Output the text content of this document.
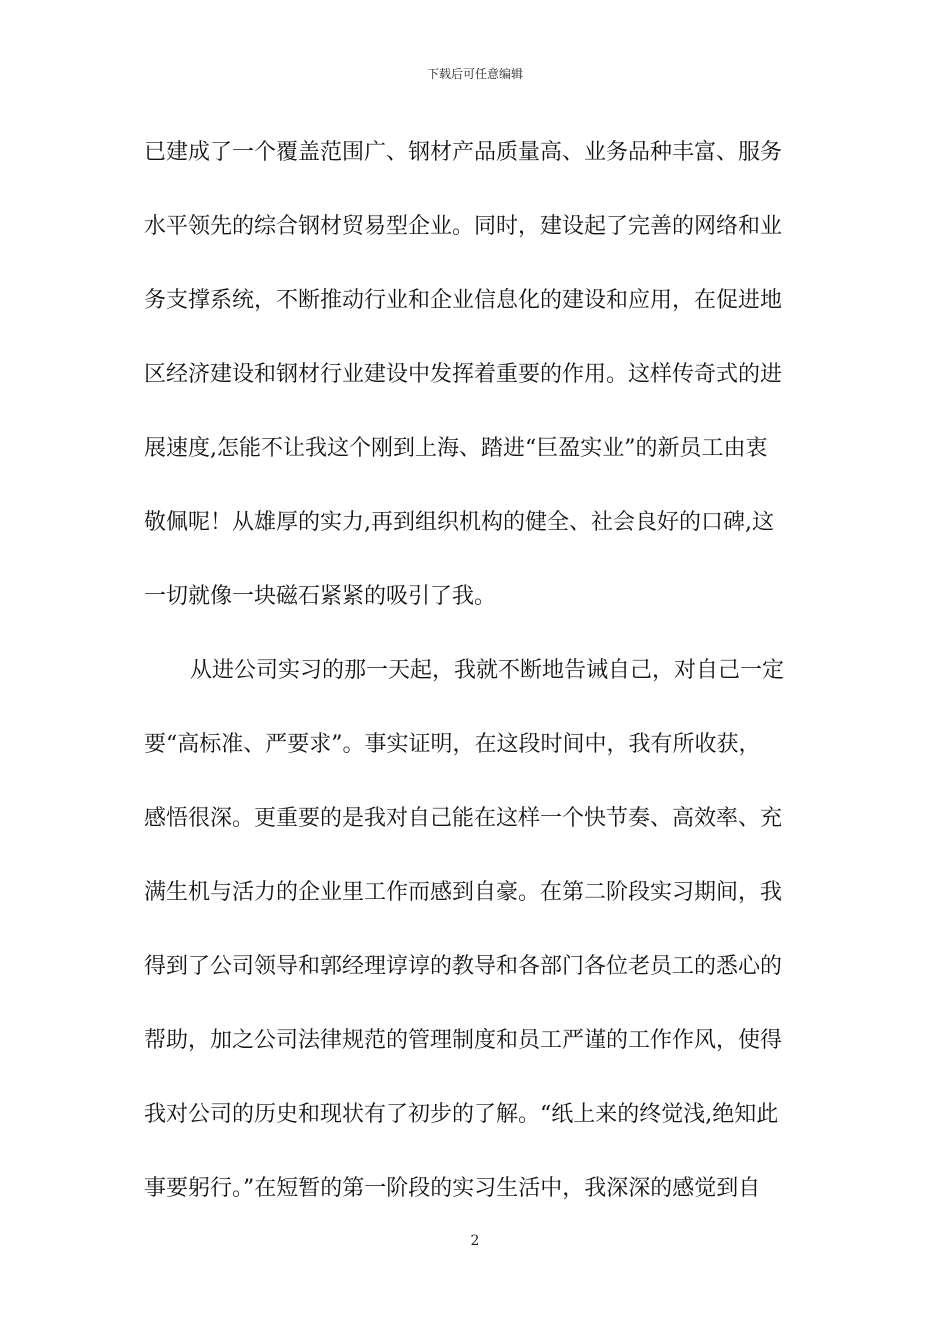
下载后可任意编辑
已建成了一个覆盖范围广、钢材产品质量高、业务品种丰富、服务
水平领先的综合钢材贸易型企业。同时，建设起了完善的网络和业
务支撑系统，不断推动行业和企业信息化的建设和应用，在促进地
区经济建设和钢材行业建设中发挥着重要的作用。这样传奇式的进
展速度,怎能不让我这个刚到上海、踏进“巨盈实业”的新员工由衷
敬佩呢！从雄厚的实力,再到组织机构的健全、社会良好的口碑,这
一切就像一块磁石紧紧的吸引了我。
从进公司实习的那一天起，我就不断地告诫自己，对自己一定
要“高标准、严要求”。事实证明，在这段时间中，我有所收获，
感悟很深。更重要的是我对自己能在这样一个快节奏、高效率、充
满生机与活力的企业里工作而感到自豪。在第二阶段实习期间，我
得到了公司领导和郭经理谆谆的教导和各部门各位老员工的悉心的
帮助，加之公司法律规范的管理制度和员工严谨的工作作风，使得
我对公司的历史和现状有了初步的了解。“纸上来的终觉浅,绝知此
事要躬行。”在短暂的第一阶段的实习生活中，我深深的感觉到自
2
